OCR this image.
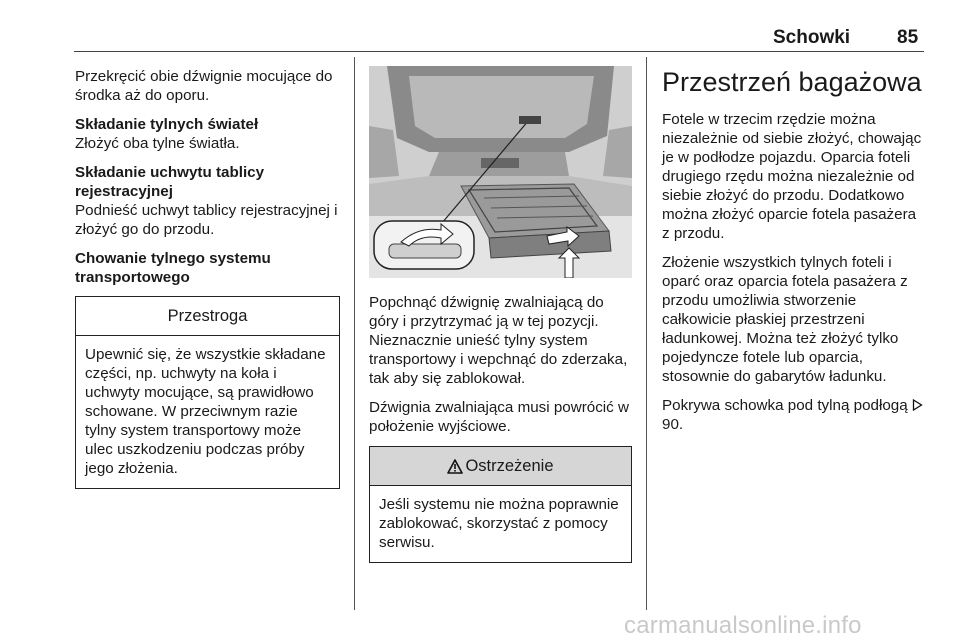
Schowki 85

Przekręcić obie dźwignie mocujące do środka aż do oporu.

Składanie tylnych świateł

Złożyć oba tylne światła.

Składanie uchwytu tablicy rejestracyjnej

Podnieść uchwyt tablicy rejestracyjnej i złożyć go do przodu.

Chowanie tylnego systemu transportowego
Przestroga
Upewnić się, że wszystkie składane części, np. uchwyty na koła i uchwyty mocujące, są prawidłowo schowane. W przeciwnym razie tylny system transportowy może ulec uszkodzeniu podczas próby jego złożenia.

Popchnąć dźwignię zwalniającą do góry i przytrzymać ją w tej pozycji. Nieznacznie unieść tylny system transportowy i wepchnąć do zderzaka, tak aby się zablokował.

Dźwignia zwalniająca musi powrócić w położenie wyjściowe.

Ostrzeżenie
Jeśli systemu nie można poprawnie zablokować, skorzystać z pomocy serwisu.
Przestrzeń bagażowa

Fotele w trzecim rzędzie można niezależnie od siebie złożyć, chowając je w podłodze pojazdu. Oparcia foteli drugiego rzędu można niezależnie od siebie złożyć do przodu. Dodatkowo można złożyć oparcie fotela pasażera z przodu.

Złożenie wszystkich tylnych foteli i oparć oraz oparcia fotela pasażera z przodu umożliwia stworzenie całkowicie płaskiej przestrzeni ładunkowej. Można też złożyć tylko pojedyncze fotele lub oparcia, stosownie do gabarytów ładunku.

Pokrywa schowka pod tylną podłogą  90.

carmanualsonline.info
